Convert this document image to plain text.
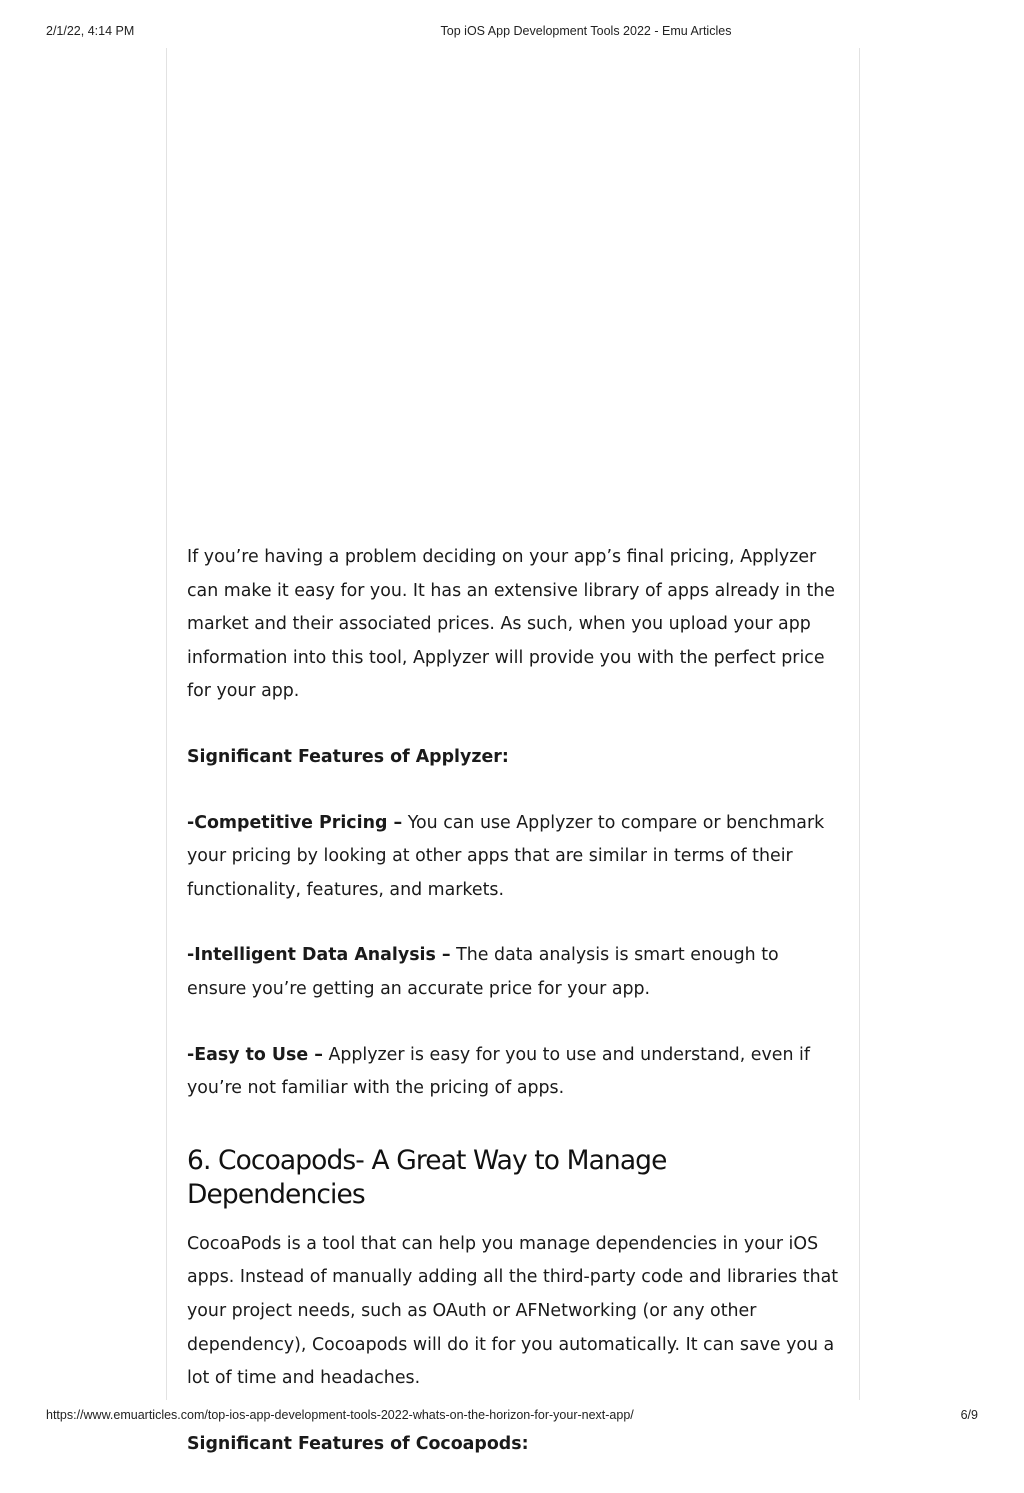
2/1/22, 4:14 PM	Top iOS App Development Tools 2022 - Emu Articles

If you’re having a problem deciding on your app’s final pricing, Applyzer can make it easy for you. It has an extensive library of apps already in the market and their associated prices. As such, when you upload your app information into this tool, Applyzer will provide you with the perfect price for your app.

Significant Features of Applyzer:

-Competitive Pricing – You can use Applyzer to compare or benchmark your pricing by looking at other apps that are similar in terms of their functionality, features, and markets.

-Intelligent Data Analysis – The data analysis is smart enough to ensure you’re getting an accurate price for your app.

-Easy to Use – Applyzer is easy for you to use and understand, even if you’re not familiar with the pricing of apps.

6. Cocoapods- A Great Way to Manage Dependencies

CocoaPods is a tool that can help you manage dependencies in your iOS apps. Instead of manually adding all the third-party code and libraries that your project needs, such as OAuth or AFNetworking (or any other dependency), Cocoapods will do it for you automatically. It can save you a lot of time and headaches.

Significant Features of Cocoapods:

https://www.emuarticles.com/top-ios-app-development-tools-2022-whats-on-the-horizon-for-your-next-app/	6/9
